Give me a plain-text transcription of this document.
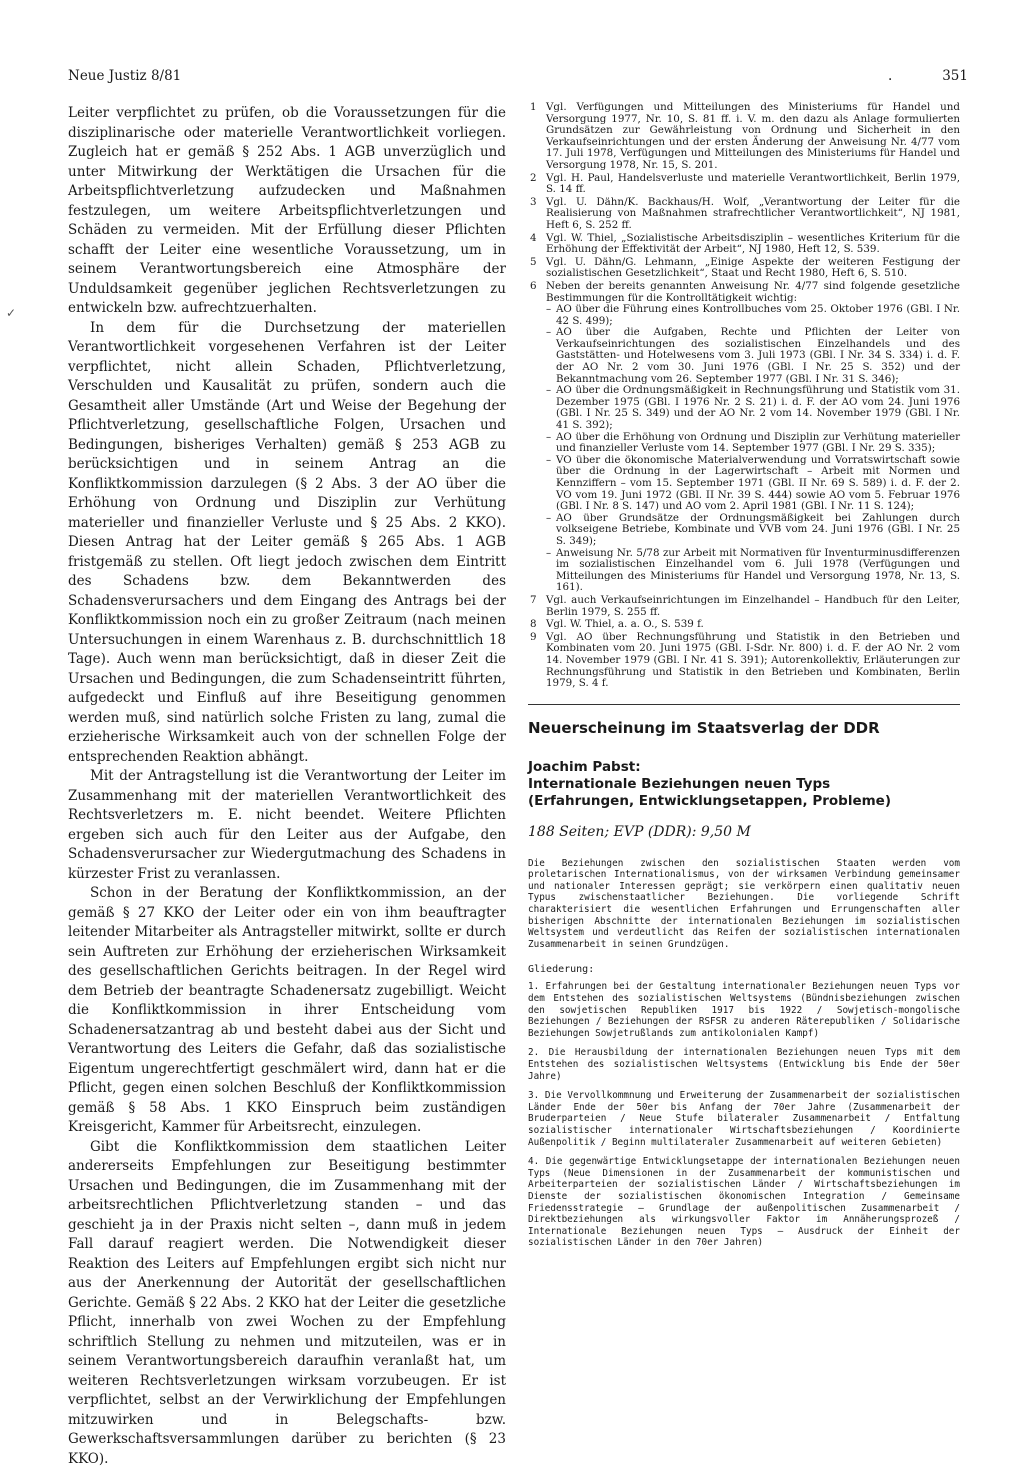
Neue Justiz 8/81	.	351
✓

Leiter verpflichtet zu prüfen, ob die Voraussetzungen für die disziplinarische oder materielle Verantwortlichkeit vorliegen. Zugleich hat er gemäß § 252 Abs. 1 AGB unverzüglich und unter Mitwirkung der Werktätigen die Ursachen für die Arbeitspflichtverletzung aufzudecken und Maßnahmen festzulegen, um weitere Arbeitspflichtverletzungen und Schäden zu vermeiden. Mit der Erfüllung dieser Pflichten schafft der Leiter eine wesentliche Voraussetzung, um in seinem Verantwortungsbereich eine Atmosphäre der Unduldsamkeit gegenüber jeglichen Rechtsverletzungen zu entwickeln bzw. aufrechtzuerhalten.

In dem für die Durchsetzung der materiellen Verantwortlichkeit vorgesehenen Verfahren ist der Leiter verpflichtet, nicht allein Schaden, Pflichtverletzung, Verschulden und Kausalität zu prüfen, sondern auch die Gesamtheit aller Umstände (Art und Weise der Begehung der Pflichtverletzung, gesellschaftliche Folgen, Ursachen und Bedingungen, bisheriges Verhalten) gemäß § 253 AGB zu berücksichtigen und in seinem Antrag an die Konfliktkommission darzulegen (§ 2 Abs. 3 der AO über die Erhöhung von Ordnung und Disziplin zur Verhütung materieller und finanzieller Verluste und § 25 Abs. 2 KKO). Diesen Antrag hat der Leiter gemäß § 265 Abs. 1 AGB fristgemäß zu stellen. Oft liegt jedoch zwischen dem Eintritt des Schadens bzw. dem Bekanntwerden des Schadensverursachers und dem Eingang des Antrags bei der Konfliktkommission noch ein zu großer Zeitraum (nach meinen Untersuchungen in einem Warenhaus z. B. durchschnittlich 18 Tage). Auch wenn man berücksichtigt, daß in dieser Zeit die Ursachen und Bedingungen, die zum Schadenseintritt führten, aufgedeckt und Einfluß auf ihre Beseitigung genommen werden muß, sind natürlich solche Fristen zu lang, zumal die erzieherische Wirksamkeit auch von der schnellen Folge der entsprechenden Reaktion abhängt.

Mit der Antragstellung ist die Verantwortung der Leiter im Zusammenhang mit der materiellen Verantwortlichkeit des Rechtsverletzers m. E. nicht beendet. Weitere Pflichten ergeben sich auch für den Leiter aus der Aufgabe, den Schadensverursacher zur Wiedergutmachung des Schadens in kürzester Frist zu veranlassen.

Schon in der Beratung der Konfliktkommission, an der gemäß § 27 KKO der Leiter oder ein von ihm beauftragter leitender Mitarbeiter als Antragsteller mitwirkt, sollte er durch sein Auftreten zur Erhöhung der erzieherischen Wirksamkeit des gesellschaftlichen Gerichts beitragen. In der Regel wird dem Betrieb der beantragte Schadenersatz zugebilligt. Weicht die Konfliktkommission in ihrer Entscheidung vom Schadenersatzantrag ab und besteht dabei aus der Sicht und Verantwortung des Leiters die Gefahr, daß das sozialistische Eigentum ungerechtfertigt geschmälert wird, dann hat er die Pflicht, gegen einen solchen Beschluß der Konfliktkommission gemäß § 58 Abs. 1 KKO Einspruch beim zuständigen Kreisgericht, Kammer für Arbeitsrecht, einzulegen.

Gibt die Konfliktkommission dem staatlichen Leiter andererseits Empfehlungen zur Beseitigung bestimmter Ursachen und Bedingungen, die im Zusammenhang mit der arbeitsrechtlichen Pflichtverletzung standen – und das geschieht ja in der Praxis nicht selten –, dann muß in jedem Fall darauf reagiert werden. Die Notwendigkeit dieser Reaktion des Leiters auf Empfehlungen ergibt sich nicht nur aus der Anerkennung der Autorität der gesellschaftlichen Gerichte. Gemäß § 22 Abs. 2 KKO hat der Leiter die gesetzliche Pflicht, innerhalb von zwei Wochen zu der Empfehlung schriftlich Stellung zu nehmen und mitzuteilen, was er in seinem Verantwortungsbereich daraufhin veranlaßt hat, um weiteren Rechtsverletzungen wirksam vorzubeugen. Er ist verpflichtet, selbst an der Verwirklichung der Empfehlungen mitzuwirken und in Belegschafts- bzw. Gewerkschaftsversammlungen darüber zu berichten (§ 23 KKO).

1 Vgl. Verfügungen und Mitteilungen des Ministeriums für Handel und Versorgung 1977, Nr. 10, S. 81 ff. i. V. m. den dazu als Anlage formulierten Grundsätzen zur Gewährleistung von Ordnung und Sicherheit in den Verkaufseinrichtungen und der ersten Änderung der Anweisung Nr. 4/77 vom 17. Juli 1978, Verfügungen und Mitteilungen des Ministeriums für Handel und Versorgung 1978, Nr. 15, S. 201.
2 Vgl. H. Paul, Handelsverluste und materielle Verantwortlichkeit, Berlin 1979, S. 14 ff.
3 Vgl. U. Dähn/K. Backhaus/H. Wolf, „Verantwortung der Leiter für die Realisierung von Maßnahmen strafrechtlicher Verantwortlichkeit“, NJ 1981, Heft 6, S. 252 ff.
4 Vgl. W. Thiel, „Sozialistische Arbeitsdisziplin – wesentliches Kriterium für die Erhöhung der Effektivität der Arbeit“, NJ 1980, Heft 12, S. 539.
5 Vgl. U. Dähn/G. Lehmann, „Einige Aspekte der weiteren Festigung der sozialistischen Gesetzlichkeit“, Staat und Recht 1980, Heft 6, S. 510.
6 Neben der bereits genannten Anweisung Nr. 4/77 sind folgende gesetzliche Bestimmungen für die Kontrolltätigkeit wichtig:
– AO über die Führung eines Kontrollbuches vom 25. Oktober 1976 (GBl. I Nr. 42 S. 499);
– AO über die Aufgaben, Rechte und Pflichten der Leiter von Verkaufseinrichtungen des sozialistischen Einzelhandels und des Gaststätten- und Hotelwesens vom 3. Juli 1973 (GBl. I Nr. 34 S. 334) i. d. F. der AO Nr. 2 vom 30. Juni 1976 (GBl. I Nr. 25 S. 352) und der Bekanntmachung vom 26. September 1977 (GBl. I Nr. 31 S. 346);
– AO über die Ordnungsmäßigkeit in Rechnungsführung und Statistik vom 31. Dezember 1975 (GBl. I 1976 Nr. 2 S. 21) i. d. F. der AO vom 24. Juni 1976 (GBl. I Nr. 25 S. 349) und der AO Nr. 2 vom 14. November 1979 (GBl. I Nr. 41 S. 392);
– AO über die Erhöhung von Ordnung und Disziplin zur Verhütung materieller und finanzieller Verluste vom 14. September 1977 (GBl. I Nr. 29 S. 335);
– VO über die ökonomische Materialverwendung und Vorratswirtschaft sowie über die Ordnung in der Lagerwirtschaft – Arbeit mit Normen und Kennziffern – vom 15. September 1971 (GBl. II Nr. 69 S. 589) i. d. F. der 2. VO vom 19. Juni 1972 (GBl. II Nr. 39 S. 444) sowie AO vom 5. Februar 1976 (GBl. I Nr. 8 S. 147) und AO vom 2. April 1981 (GBl. I Nr. 11 S. 124);
– AO über Grundsätze der Ordnungsmäßigkeit bei Zahlungen durch volkseigene Betriebe, Kombinate und VVB vom 24. Juni 1976 (GBl. I Nr. 25 S. 349);
– Anweisung Nr. 5/78 zur Arbeit mit Normativen für Inventurminusdifferenzen im sozialistischen Einzelhandel vom 6. Juli 1978 (Verfügungen und Mitteilungen des Ministeriums für Handel und Versorgung 1978, Nr. 13, S. 161).
7 Vgl. auch Verkaufseinrichtungen im Einzelhandel – Handbuch für den Leiter, Berlin 1979, S. 255 ff.
8 Vgl. W. Thiel, a. a. O., S. 539 f.
9 Vgl. AO über Rechnungsführung und Statistik in den Betrieben und Kombinaten vom 20. Juni 1975 (GBl. I-Sdr. Nr. 800) i. d. F. der AO Nr. 2 vom 14. November 1979 (GBl. I Nr. 41 S. 391); Autorenkollektiv, Erläuterungen zur Rechnungsführung und Statistik in den Betrieben und Kombinaten, Berlin 1979, S. 4 f.
Neuerscheinung im Staatsverlag der DDR

Joachim Pabst:

Internationale Beziehungen neuen Typs

(Erfahrungen, Entwicklungsetappen, Probleme)

188 Seiten; EVP (DDR): 9,50 M

Die Beziehungen zwischen den sozialistischen Staaten werden vom proletarischen Internationalismus, von der wirksamen Verbindung gemeinsamer und nationaler Interessen geprägt; sie verkörpern einen qualitativ neuen Typus zwischenstaatlicher Beziehungen. Die vorliegende Schrift charakterisiert die wesentlichen Erfahrungen und Errungenschaften aller bisherigen Abschnitte der internationalen Beziehungen im sozialistischen Weltsystem und verdeutlicht das Reifen der sozialistischen internationalen Zusammenarbeit in seinen Grundzügen.

Gliederung:

1. Erfahrungen bei der Gestaltung internationaler Beziehungen neuen Typs vor dem Entstehen des sozialistischen Weltsystems (Bündnisbeziehungen zwischen den sowjetischen Republiken 1917 bis 1922 / Sowjetisch-mongolische Beziehungen / Beziehungen der RSFSR zu anderen Räterepubliken / Solidarische Beziehungen Sowjetrußlands zum antikolonialen Kampf)

2. Die Herausbildung der internationalen Beziehungen neuen Typs mit dem Entstehen des sozialistischen Weltsystems (Entwicklung bis Ende der 50er Jahre)

3. Die Vervollkommnung und Erweiterung der Zusammenarbeit der sozialistischen Länder Ende der 50er bis Anfang der 70er Jahre (Zusammenarbeit der Bruderparteien / Neue Stufe bilateraler Zusammenarbeit / Entfaltung sozialistischer internationaler Wirtschaftsbeziehungen / Koordinierte Außenpolitik / Beginn multilateraler Zusammenarbeit auf weiteren Gebieten)

4. Die gegenwärtige Entwicklungsetappe der internationalen Beziehungen neuen Typs (Neue Dimensionen in der Zusammenarbeit der kommunistischen und Arbeiterparteien der sozialistischen Länder / Wirtschaftsbeziehungen im Dienste der sozialistischen ökonomischen Integration / Gemeinsame Friedensstrategie – Grundlage der außenpolitischen Zusammenarbeit / Direktbeziehungen als wirkungsvoller Faktor im Annäherungsprozeß / Internationale Beziehungen neuen Typs – Ausdruck der Einheit der sozialistischen Länder in den 70er Jahren)
